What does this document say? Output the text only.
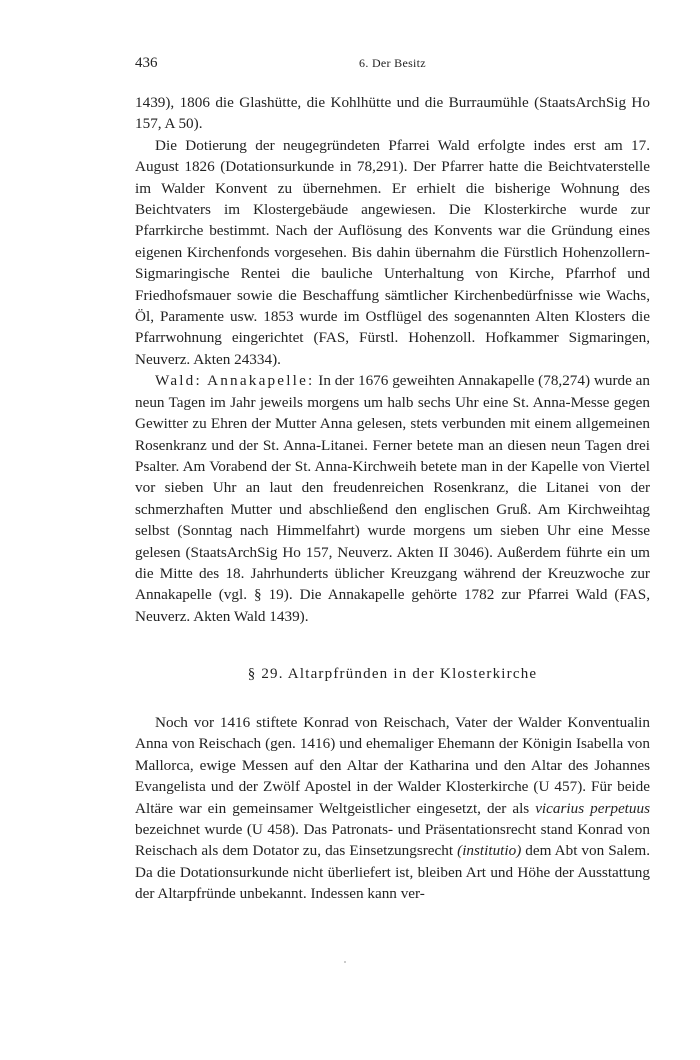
436	6. Der Besitz

1439), 1806 die Glashütte, die Kohlhütte und die Burraumühle (StaatsArchSig Ho 157, A 50).

Die Dotierung der neugegründeten Pfarrei Wald erfolgte indes erst am 17. August 1826 (Dotationsurkunde in 78,291). Der Pfarrer hatte die Beichtvaterstelle im Walder Konvent zu übernehmen. Er erhielt die bisherige Wohnung des Beichtvaters im Klostergebäude angewiesen. Die Klosterkirche wurde zur Pfarrkirche bestimmt. Nach der Auflösung des Konvents war die Gründung eines eigenen Kirchenfonds vorgesehen. Bis dahin übernahm die Fürstlich Hohenzollern-Sigmaringische Rentei die bauliche Unterhaltung von Kirche, Pfarrhof und Friedhofsmauer sowie die Beschaffung sämtlicher Kirchenbedürfnisse wie Wachs, Öl, Paramente usw. 1853 wurde im Ostflügel des sogenannten Alten Klosters die Pfarrwohnung eingerichtet (FAS, Fürstl. Hohenzoll. Hofkammer Sigmaringen, Neuverz. Akten 24334).

Wald: Annakapelle: In der 1676 geweihten Annakapelle (78,274) wurde an neun Tagen im Jahr jeweils morgens um halb sechs Uhr eine St. Anna-Messe gegen Gewitter zu Ehren der Mutter Anna gelesen, stets verbunden mit einem allgemeinen Rosenkranz und der St. Anna-Litanei. Ferner betete man an diesen neun Tagen drei Psalter. Am Vorabend der St. Anna-Kirchweih betete man in der Kapelle von Viertel vor sieben Uhr an laut den freudenreichen Rosenkranz, die Litanei von der schmerzhaften Mutter und abschließend den englischen Gruß. Am Kirchweihtag selbst (Sonntag nach Himmelfahrt) wurde morgens um sieben Uhr eine Messe gelesen (StaatsArchSig Ho 157, Neuverz. Akten II 3046). Außerdem führte ein um die Mitte des 18. Jahrhunderts üblicher Kreuzgang während der Kreuzwoche zur Annakapelle (vgl. § 19). Die Annakapelle gehörte 1782 zur Pfarrei Wald (FAS, Neuverz. Akten Wald 1439).

§ 29. Altarpfründen in der Klosterkirche

Noch vor 1416 stiftete Konrad von Reischach, Vater der Walder Konventualin Anna von Reischach (gen. 1416) und ehemaliger Ehemann der Königin Isabella von Mallorca, ewige Messen auf den Altar der Katharina und den Altar des Johannes Evangelista und der Zwölf Apostel in der Walder Klosterkirche (U 457). Für beide Altäre war ein gemeinsamer Weltgeistlicher eingesetzt, der als vicarius perpetuus bezeichnet wurde (U 458). Das Patronats- und Präsentationsrecht stand Konrad von Reischach als dem Dotator zu, das Einsetzungsrecht (institutio) dem Abt von Salem. Da die Dotationsurkunde nicht überliefert ist, bleiben Art und Höhe der Ausstattung der Altarpfründe unbekannt. Indessen kann ver-
